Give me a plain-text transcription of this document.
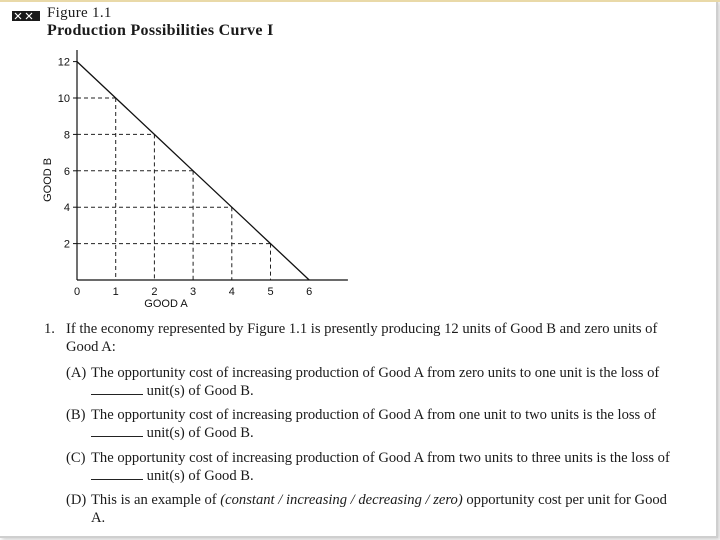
Figure 1.1
Production Possibilities Curve I
0	1	2	3	4	5	6
2
4
6
8
10
12
GOOD A
GOOD B
1. If the economy represented by Figure 1.1 is presently producing 12 units of Good B and zero units of Good A:
(A) The opportunity cost of increasing production of Good A from zero units to one unit is the loss of unit(s) of Good B.
(B) The opportunity cost of increasing production of Good A from one unit to two units is the loss of unit(s) of Good B.
(C) The opportunity cost of increasing production of Good A from two units to three units is the loss of unit(s) of Good B.
(D) This is an example of (constant / increasing / decreasing / zero) opportunity cost per unit for Good A.
